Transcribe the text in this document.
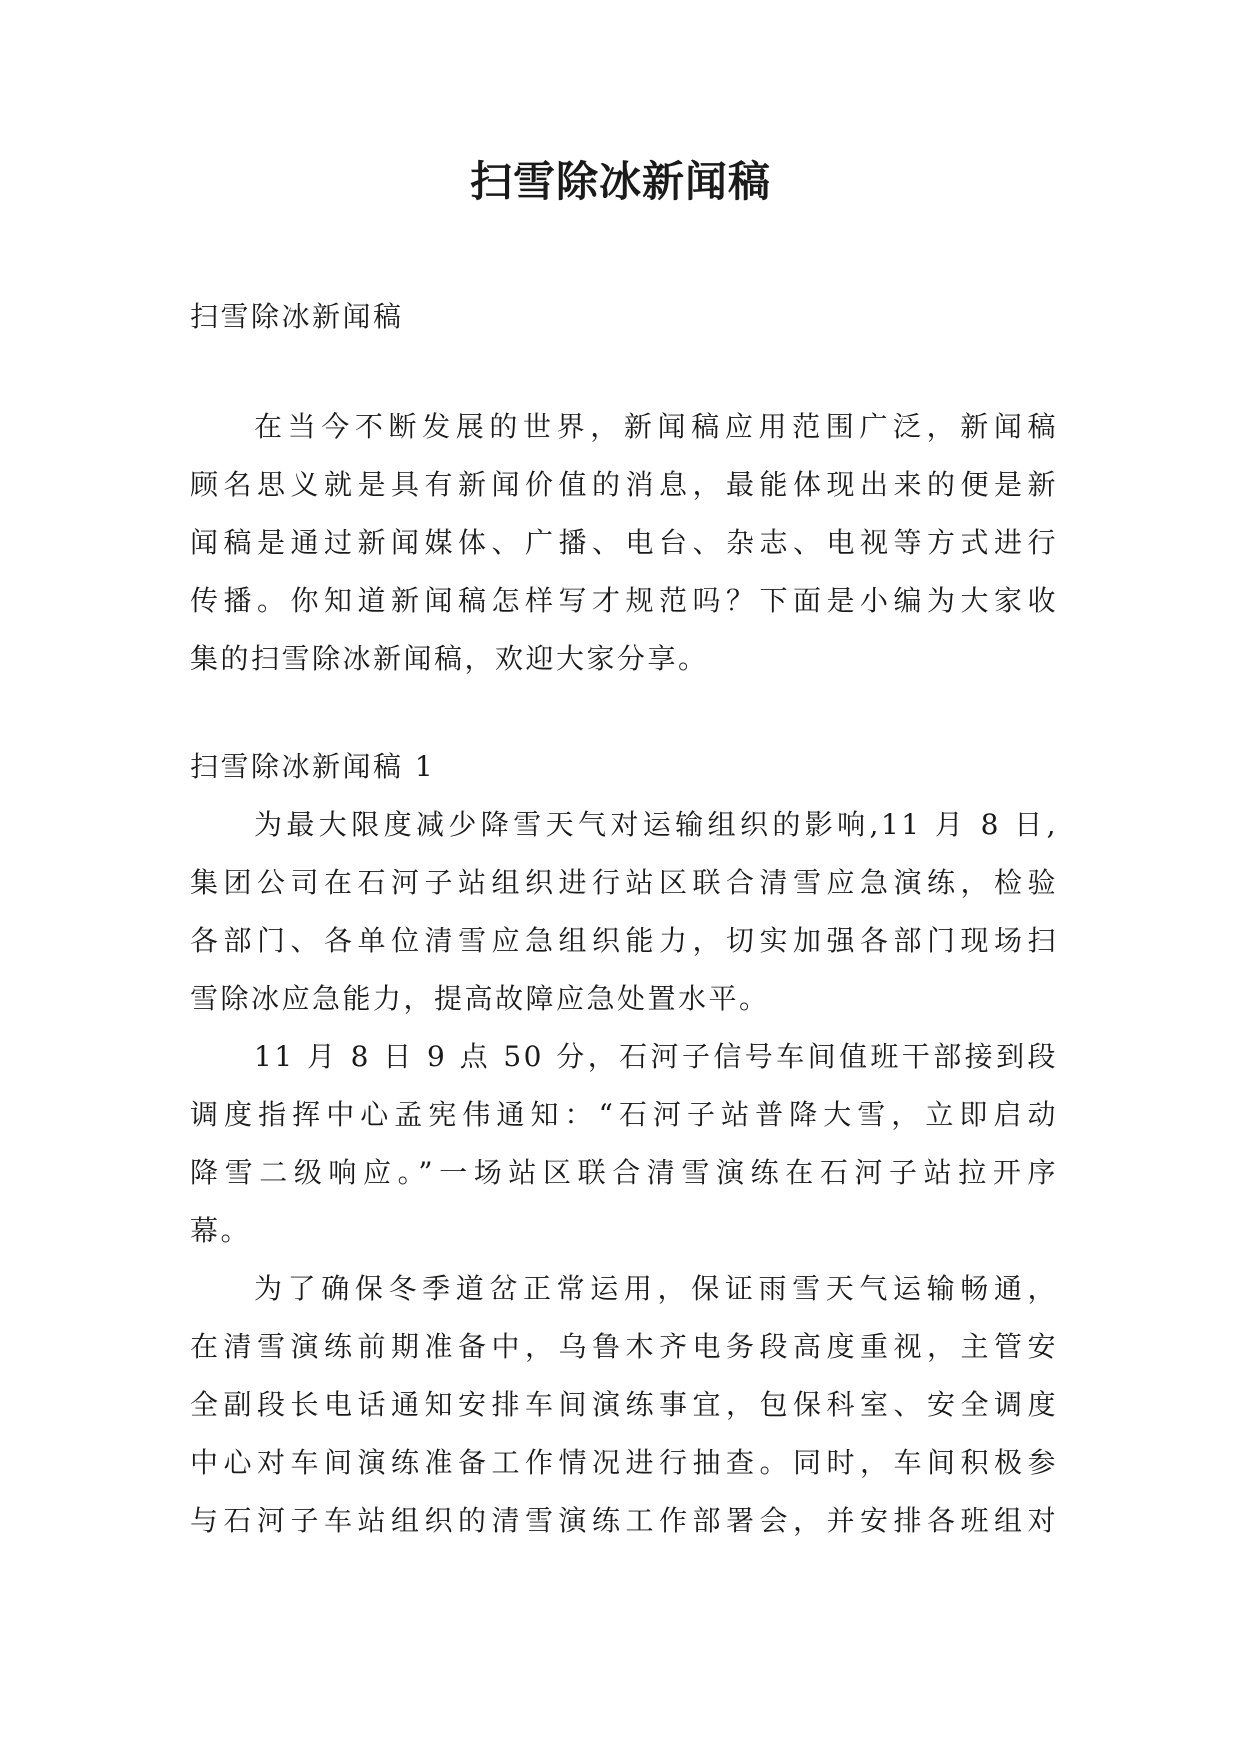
扫雪除冰新闻稿

扫雪除冰新闻稿

在当今不断发展的世界，新闻稿应用范围广泛，新闻稿

顾名思义就是具有新闻价值的消息，最能体现出来的便是新

闻稿是通过新闻媒体、广播、电台、杂志、电视等方式进行

传播。你知道新闻稿怎样写才规范吗？下面是小编为大家收

集的扫雪除冰新闻稿，欢迎大家分享。

扫雪除冰新闻稿 1

为最大限度减少降雪天气对运输组织的影响,11 月 8 日,

集团公司在石河子站组织进行站区联合清雪应急演练，检验

各部门、各单位清雪应急组织能力，切实加强各部门现场扫

雪除冰应急能力，提高故障应急处置水平。

11 月 8 日 9 点 50 分，石河子信号车间值班干部接到段

调度指挥中心孟宪伟通知：“石河子站普降大雪，立即启动

降雪二级响应。”一场站区联合清雪演练在石河子站拉开序

幕。

为了确保冬季道岔正常运用，保证雨雪天气运输畅通，

在清雪演练前期准备中，乌鲁木齐电务段高度重视，主管安

全副段长电话通知安排车间演练事宜，包保科室、安全调度

中心对车间演练准备工作情况进行抽查。同时，车间积极参

与石河子车站组织的清雪演练工作部署会，并安排各班组对
